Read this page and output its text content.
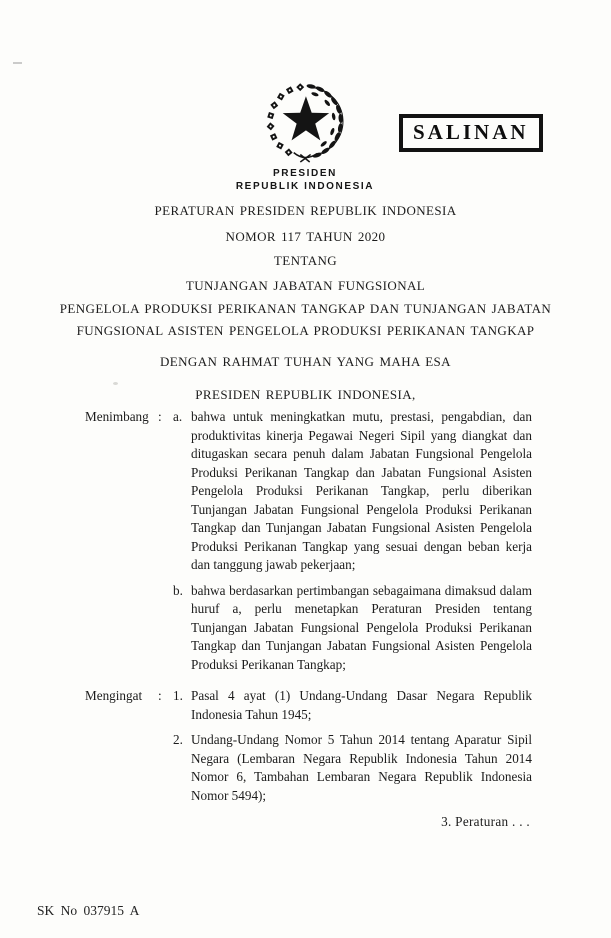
PRESIDEN
REPUBLIK INDONESIA
SALINAN
PERATURAN PRESIDEN REPUBLIK INDONESIA
NOMOR 117 TAHUN 2020
TENTANG
TUNJANGAN JABATAN FUNGSIONAL
PENGELOLA PRODUKSI PERIKANAN TANGKAP DAN TUNJANGAN JABATAN
FUNGSIONAL ASISTEN PENGELOLA PRODUKSI PERIKANAN TANGKAP
DENGAN RAHMAT TUHAN YANG MAHA ESA
PRESIDEN REPUBLIK INDONESIA,
Menimbang : a. bahwa untuk meningkatkan mutu, prestasi, pengabdian, dan produktivitas kinerja Pegawai Negeri Sipil yang diangkat dan ditugaskan secara penuh dalam Jabatan Fungsional Pengelola Produksi Perikanan Tangkap dan Jabatan Fungsional Asisten Pengelola Produksi Perikanan Tangkap, perlu diberikan Tunjangan Jabatan Fungsional Pengelola Produksi Perikanan Tangkap dan Tunjangan Jabatan Fungsional Asisten Pengelola Produksi Perikanan Tangkap yang sesuai dengan beban kerja dan tanggung jawab pekerjaan;
b. bahwa berdasarkan pertimbangan sebagaimana dimaksud dalam huruf a, perlu menetapkan Peraturan Presiden tentang Tunjangan Jabatan Fungsional Pengelola Produksi Perikanan Tangkap dan Tunjangan Jabatan Fungsional Asisten Pengelola Produksi Perikanan Tangkap;
Mengingat	: 1. Pasal 4 ayat (1) Undang-Undang Dasar Negara Republik Indonesia Tahun 1945;
2. Undang-Undang Nomor 5 Tahun 2014 tentang Aparatur Sipil Negara (Lembaran Negara Republik Indonesia Tahun 2014 Nomor 6, Tambahan Lembaran Negara Republik Indonesia Nomor 5494);
3. Peraturan . . .
SK No 037915 A
